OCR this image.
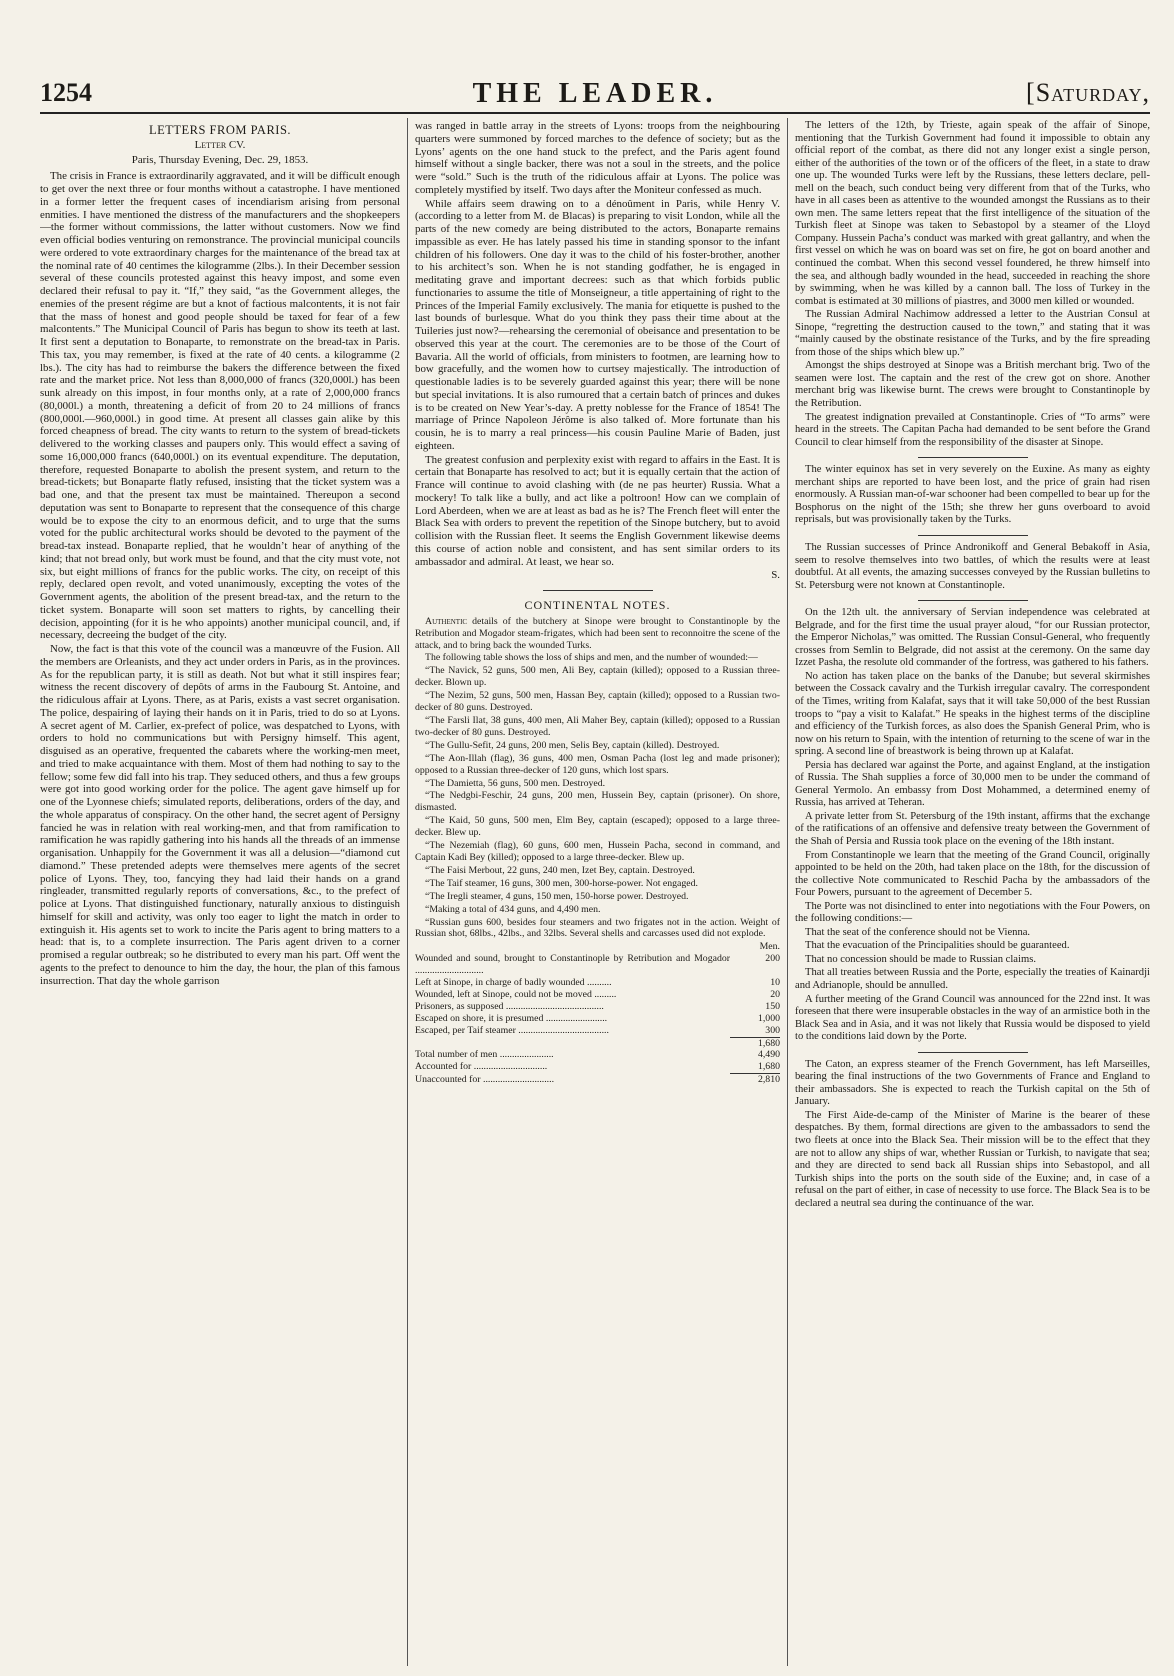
1254	THE LEADER.	[Saturday,
LETTERS FROM PARIS.
Letter CV.
Paris, Thursday Evening, Dec. 29, 1853.

The crisis in France is extraordinarily aggravated, and it will be difficult enough to get over the next three or four months without a catastrophe. I have mentioned in a former letter the frequent cases of incendiarism arising from personal enmities. I have mentioned the distress of the manufacturers and the shopkeepers—the former without commissions, the latter without customers. Now we find even official bodies venturing on remonstrance. The provincial municipal councils were ordered to vote extraordinary charges for the maintenance of the bread tax at the nominal rate of 40 centimes the kilogramme (2lbs.). In their December session several of these councils protested against this heavy impost, and some even declared their refusal to pay it. “If,” they said, “as the Government alleges, the enemies of the present régime are but a knot of factious malcontents, it is not fair that the mass of honest and good people should be taxed for fear of a few malcontents.” The Municipal Council of Paris has begun to show its teeth at last. It first sent a deputation to Bonaparte, to remonstrate on the bread-tax in Paris. This tax, you may remember, is fixed at the rate of 40 cents. a kilogramme (2 lbs.). The city has had to reimburse the bakers the difference between the fixed rate and the market price. Not less than 8,000,000 of francs (320,000l.) has been sunk already on this impost, in four months only, at a rate of 2,000,000 francs (80,000l.) a month, threatening a deficit of from 20 to 24 millions of francs (800,000l.—960,000l.) in good time. At present all classes gain alike by this forced cheapness of bread. The city wants to return to the system of bread-tickets delivered to the working classes and paupers only. This would effect a saving of some 16,000,000 francs (640,000l.) on its eventual expenditure. The deputation, therefore, requested Bonaparte to abolish the present system, and return to the bread-tickets; but Bonaparte flatly refused, insisting that the ticket system was a bad one, and that the present tax must be maintained. Thereupon a second deputation was sent to Bonaparte to represent that the consequence of this charge would be to expose the city to an enormous deficit, and to urge that the sums voted for the public architectural works should be devoted to the payment of the bread-tax instead. Bonaparte replied, that he wouldn’t hear of anything of the kind; that not bread only, but work must be found, and that the city must vote, not six, but eight millions of francs for the public works. The city, on receipt of this reply, declared open revolt, and voted unanimously, excepting the votes of the Government agents, the abolition of the present bread-tax, and the return to the ticket system. Bonaparte will soon set matters to rights, by cancelling their decision, appointing (for it is he who appoints) another municipal council, and, if necessary, decreeing the budget of the city.

Now, the fact is that this vote of the council was a manœuvre of the Fusion. All the members are Orleanists, and they act under orders in Paris, as in the provinces. As for the republican party, it is still as death. Not but what it still inspires fear; witness the recent discovery of depôts of arms in the Faubourg St. Antoine, and the ridiculous affair at Lyons. There, as at Paris, exists a vast secret organisation. The police, despairing of laying their hands on it in Paris, tried to do so at Lyons. A secret agent of M. Carlier, ex-prefect of police, was despatched to Lyons, with orders to hold no communications but with Persigny himself. This agent, disguised as an operative, frequented the cabarets where the working-men meet, and tried to make acquaintance with them. Most of them had nothing to say to the fellow; some few did fall into his trap. They seduced others, and thus a few groups were got into good working order for the police. The agent gave himself up for one of the Lyonnese chiefs; simulated reports, deliberations, orders of the day, and the whole apparatus of conspiracy. On the other hand, the secret agent of Persigny fancied he was in relation with real working-men, and that from ramification to ramification he was rapidly gathering into his hands all the threads of an immense organisation. Unhappily for the Government it was all a delusion—“diamond cut diamond.” These pretended adepts were themselves mere agents of the secret police of Lyons. They, too, fancying they had laid their hands on a grand ringleader, transmitted regularly reports of conversations, &c., to the prefect of police at Lyons. That distinguished functionary, naturally anxious to distinguish himself for skill and activity, was only too eager to light the match in order to extinguish it. His agents set to work to incite the Paris agent to bring matters to a head: that is, to a complete insurrection. The Paris agent driven to a corner promised a regular outbreak; so he distributed to every man his part. Off went the agents to the prefect to denounce to him the day, the hour, the plan of this famous insurrection. That day the whole garrison

was ranged in battle array in the streets of Lyons: troops from the neighbouring quarters were summoned by forced marches to the defence of society; but as the Lyons’ agents on the one hand stuck to the prefect, and the Paris agent found himself without a single backer, there was not a soul in the streets, and the police were “sold.” Such is the truth of the ridiculous affair at Lyons. The police was completely mystified by itself. Two days after the Moniteur confessed as much.

While affairs seem drawing on to a dénoûment in Paris, while Henry V. (according to a letter from M. de Blacas) is preparing to visit London, while all the parts of the new comedy are being distributed to the actors, Bonaparte remains impassible as ever. He has lately passed his time in standing sponsor to the infant children of his followers. One day it was to the child of his foster-brother, another to his architect’s son. When he is not standing godfather, he is engaged in meditating grave and important decrees: such as that which forbids public functionaries to assume the title of Monseigneur, a title appertaining of right to the Princes of the Imperial Family exclusively. The mania for etiquette is pushed to the last bounds of burlesque. What do you think they pass their time about at the Tuileries just now?—rehearsing the ceremonial of obeisance and presentation to be observed this year at the court. The ceremonies are to be those of the Court of Bavaria. All the world of officials, from ministers to footmen, are learning how to bow gracefully, and the women how to curtsey majestically. The introduction of questionable ladies is to be severely guarded against this year; there will be none but special invitations. It is also rumoured that a certain batch of princes and dukes is to be created on New Year’s-day. A pretty noblesse for the France of 1854! The marriage of Prince Napoleon Jérôme is also talked of. More fortunate than his cousin, he is to marry a real princess—his cousin Pauline Marie of Baden, just eighteen.

The greatest confusion and perplexity exist with regard to affairs in the East. It is certain that Bonaparte has resolved to act; but it is equally certain that the action of France will continue to avoid clashing with (de ne pas heurter) Russia. What a mockery! To talk like a bully, and act like a poltroon! How can we complain of Lord Aberdeen, when we are at least as bad as he is? The French fleet will enter the Black Sea with orders to prevent the repetition of the Sinope butchery, but to avoid collision with the Russian fleet. It seems the English Government likewise deems this course of action noble and consistent, and has sent similar orders to its ambassador and admiral. At least, we hear so.

S.
CONTINENTAL NOTES.

Authentic details of the butchery at Sinope were brought to Constantinople by the Retribution and Mogador steam-frigates, which had been sent to reconnoitre the scene of the attack, and to bring back the wounded Turks.

The following table shows the loss of ships and men, and the number of wounded:—

“The Navick, 52 guns, 500 men, Ali Bey, captain (killed); opposed to a Russian three-decker. Blown up.

“The Nezim, 52 guns, 500 men, Hassan Bey, captain (killed); opposed to a Russian two-decker of 80 guns. Destroyed.

“The Farsli Ilat, 38 guns, 400 men, Ali Maher Bey, captain (killed); opposed to a Russian two-decker of 80 guns. Destroyed.

“The Gullu-Sefit, 24 guns, 200 men, Selis Bey, captain (killed). Destroyed.

“The Aon-Illah (flag), 36 guns, 400 men, Osman Pacha (lost leg and made prisoner); opposed to a Russian three-decker of 120 guns, which lost spars.

“The Damietta, 56 guns, 500 men. Destroyed.

“The Nedgbi-Feschir, 24 guns, 200 men, Hussein Bey, captain (prisoner). On shore, dismasted.

“The Kaid, 50 guns, 500 men, Elm Bey, captain (escaped); opposed to a large three-decker. Blew up.

“The Nezemiah (flag), 60 guns, 600 men, Hussein Pacha, second in command, and Captain Kadi Bey (killed); opposed to a large three-decker. Blew up.

“The Faisi Merbout, 22 guns, 240 men, Izet Bey, captain. Destroyed.

“The Taif steamer, 16 guns, 300 men, 300-horse-power. Not engaged.

“The Iregli steamer, 4 guns, 150 men, 150-horse power. Destroyed.

“Making a total of 434 guns, and 4,490 men.

“Russian guns 600, besides four steamers and two frigates not in the action. Weight of Russian shot, 68lbs., 42lbs., and 32lbs. Several shells and carcasses used did not explode.

Men.
Wounded and sound, brought to Constantinople by Retribution and Mogador ............................	200
Left at Sinope, in charge of badly wounded ..........	10
Wounded, left at Sinope, could not be moved .........	20
Prisoners, as supposed ........................................	150
Escaped on shore, it is presumed .........................	1,000
Escaped, per Taif steamer .....................................	300
	1,680
Total number of men ......................	4,490
Accounted for ..............................	1,680
Unaccounted for .............................	2,810

The letters of the 12th, by Trieste, again speak of the affair of Sinope, mentioning that the Turkish Government had found it impossible to obtain any official report of the combat, as there did not any longer exist a single person, either of the authorities of the town or of the officers of the fleet, in a state to draw one up. The wounded Turks were left by the Russians, these letters declare, pell-mell on the beach, such conduct being very different from that of the Turks, who have in all cases been as attentive to the wounded amongst the Russians as to their own men. The same letters repeat that the first intelligence of the situation of the Turkish fleet at Sinope was taken to Sebastopol by a steamer of the Lloyd Company. Hussein Pacha’s conduct was marked with great gallantry, and when the first vessel on which he was on board was set on fire, he got on board another and continued the combat. When this second vessel foundered, he threw himself into the sea, and although badly wounded in the head, succeeded in reaching the shore by swimming, when he was killed by a cannon ball. The loss of Turkey in the combat is estimated at 30 millions of piastres, and 3000 men killed or wounded.

The Russian Admiral Nachimow addressed a letter to the Austrian Consul at Sinope, “regretting the destruction caused to the town,” and stating that it was “mainly caused by the obstinate resistance of the Turks, and by the fire spreading from those of the ships which blew up.”

Amongst the ships destroyed at Sinope was a British merchant brig. Two of the seamen were lost. The captain and the rest of the crew got on shore. Another merchant brig was likewise burnt. The crews were brought to Constantinople by the Retribution.

The greatest indignation prevailed at Constantinople. Cries of “To arms” were heard in the streets. The Capitan Pacha had demanded to be sent before the Grand Council to clear himself from the responsibility of the disaster at Sinope.

The winter equinox has set in very severely on the Euxine. As many as eighty merchant ships are reported to have been lost, and the price of grain had risen enormously. A Russian man-of-war schooner had been compelled to bear up for the Bosphorus on the night of the 15th; she threw her guns overboard to avoid reprisals, but was provisionally taken by the Turks.

The Russian successes of Prince Andronikoff and General Bebakoff in Asia, seem to resolve themselves into two battles, of which the results were at least doubtful. At all events, the amazing successes conveyed by the Russian bulletins to St. Petersburg were not known at Constantinople.

On the 12th ult. the anniversary of Servian independence was celebrated at Belgrade, and for the first time the usual prayer aloud, “for our Russian protector, the Emperor Nicholas,” was omitted. The Russian Consul-General, who frequently crosses from Semlin to Belgrade, did not assist at the ceremony. On the same day Izzet Pasha, the resolute old commander of the fortress, was gathered to his fathers.

No action has taken place on the banks of the Danube; but several skirmishes between the Cossack cavalry and the Turkish irregular cavalry. The correspondent of the Times, writing from Kalafat, says that it will take 50,000 of the best Russian troops to “pay a visit to Kalafat.” He speaks in the highest terms of the discipline and efficiency of the Turkish forces, as also does the Spanish General Prim, who is now on his return to Spain, with the intention of returning to the scene of war in the spring. A second line of breastwork is being thrown up at Kalafat.

Persia has declared war against the Porte, and against England, at the instigation of Russia. The Shah supplies a force of 30,000 men to be under the command of General Yermolo. An embassy from Dost Mohammed, a determined enemy of Russia, has arrived at Teheran.

A private letter from St. Petersburg of the 19th instant, affirms that the exchange of the ratifications of an offensive and defensive treaty between the Government of the Shah of Persia and Russia took place on the evening of the 18th instant.

From Constantinople we learn that the meeting of the Grand Council, originally appointed to be held on the 20th, had taken place on the 18th, for the discussion of the collective Note communicated to Reschid Pacha by the ambassadors of the Four Powers, pursuant to the agreement of December 5.

The Porte was not disinclined to enter into negotiations with the Four Powers, on the following conditions:—

That the seat of the conference should not be Vienna.

That the evacuation of the Principalities should be guaranteed.

That no concession should be made to Russian claims.

That all treaties between Russia and the Porte, especially the treaties of Kainardji and Adrianople, should be annulled.

A further meeting of the Grand Council was announced for the 22nd inst. It was foreseen that there were insuperable obstacles in the way of an armistice both in the Black Sea and in Asia, and it was not likely that Russia would be disposed to yield to the conditions laid down by the Porte.

The Caton, an express steamer of the French Government, has left Marseilles, bearing the final instructions of the two Governments of France and England to their ambassadors. She is expected to reach the Turkish capital on the 5th of January.

The First Aide-de-camp of the Minister of Marine is the bearer of these despatches. By them, formal directions are given to the ambassadors to send the two fleets at once into the Black Sea. Their mission will be to the effect that they are not to allow any ships of war, whether Russian or Turkish, to navigate that sea; and they are directed to send back all Russian ships into Sebastopol, and all Turkish ships into the ports on the south side of the Euxine; and, in case of a refusal on the part of either, in case of necessity to use force. The Black Sea is to be declared a neutral sea during the continuance of the war.
